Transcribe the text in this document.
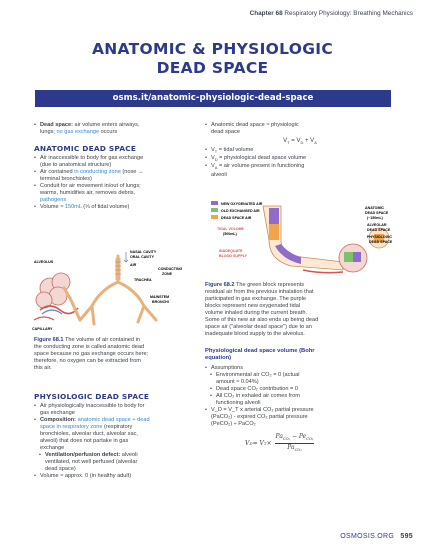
Chapter 68 Respiratory Physiology: Breathing Mechanics
ANATOMIC & PHYSIOLOGIC
DEAD SPACE
osms.it/anatomic-physiologic-dead-space
• Dead space: air volume enters airways,
lungs; no gas exchange occurs
ANATOMIC DEAD SPACE
• Air inaccessible to body for gas exchange
(due to anatomical structure)
• Air contained in conducting zone (nose →
terminal bronchioles)
• Conduit for air movement in/out of lungs;
warms, humidifies air, removes debris,
pathogens
• Volume ≈ 150mL (⅓ of tidal volume)
ALVEOLUS
NASAL CAVITY
ORAL CAVITY
AIR
CONDUCTING
ZONE
TRACHEA
MAINSTEM
BRONCHI
CAPILLARY
Figure 68.1 The volume of air contained in
the conducting zone is called anatomic dead
space because no gas exchange occurs here;
therefore, no oxygen can be extracted from
this air.
PHYSIOLOGIC DEAD SPACE
• Air physiologically inaccessible to body for
gas exchange
• Composition: anatomic dead space + dead
space in respiratory zone (respiratory
bronchioles, alveolar duct, alveolar sac,
alveoli) that does not partake in gas
exchange
• Ventilation/perfusion defect: alveoli
ventilated, not well perfused (alveolar
dead space)
• Volume ≈ approx. 0 (in healthy adult)
• Anatomic dead space ≈ physiologic
dead space
$V_T = V_D + V_A$
• $V_T$ = tidal volume
• $V_D$ = physiological dead space volume
• $V_A$ = air volume present in functioning
alveoli
NEW OXYGENATED AIR
OLD EXCHANGED AIR
DEAD SPACE AIR
TIDAL VOLUME
(500mL)
ANATOMIC
DEAD SPACE
(~150mL)
ALVEOLAR
DEAD SPACE
PHYSIOLOGIC
DEAD SPACE
INADEQUATE
BLOOD SUPPLY
Figure 68.2 The green block represents
residual air from the previous inhalation that
participated in gas exchange. The purple
blocks represent new oxygenated tidal
volume inhaled during the current breath.
Some of this new air also ends up being dead
space air ("alveolar dead space") due to an
inadequate blood supply to the alveolus.
Physiological dead space volume (Bohr
equation)
• Assumptions
• Environmental air CO₂ = 0 (actual
amount ≈ 0.04%)
• Dead space CO₂ contribution = 0
• All CO₂ in exhaled air comes from
functioning alveoli
• V_D = V_T x arterial CO₂ partial pressure
(PaCO₂) - expired CO₂ partial pressure
(PeCO₂) ÷ PaCO₂
V D = V T ×
$Pa_{CO_2} - Pe_{CO_2}$
$Pa_{CO_2}$
OSMOSIS.ORG 595
